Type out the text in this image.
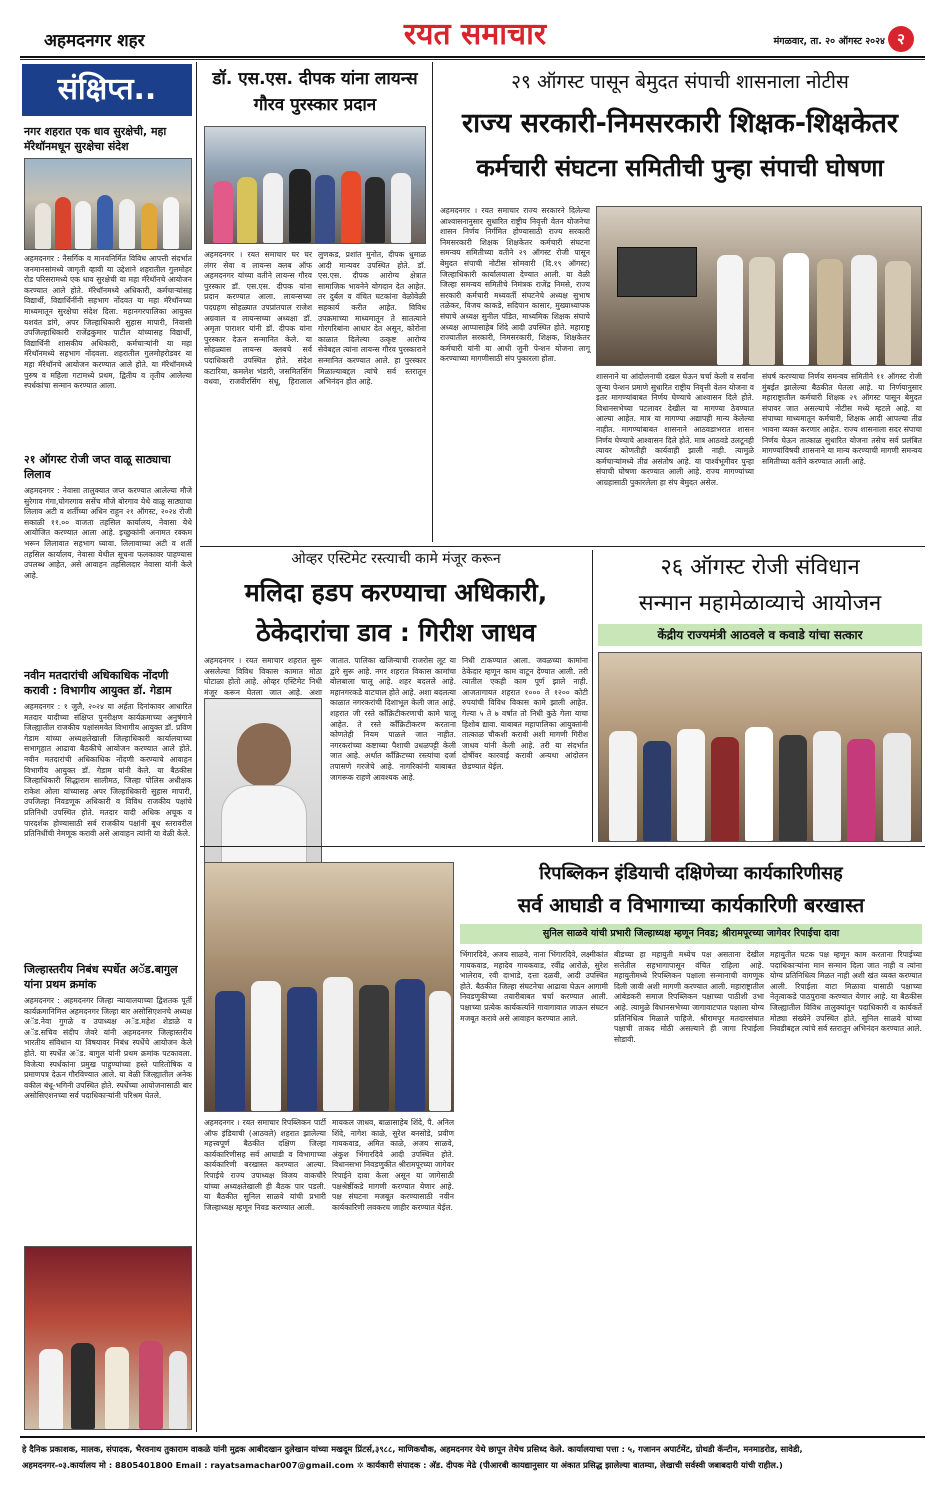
अहमदनगर शहर	रयत समाचार	मंगळवार, ता. २० ऑगस्ट २०२४ २
संक्षिप्त..
नगर शहरात एक धाव सुरक्षेची, महा मॅरेथॉनमधून सुरक्षेचा संदेश
अहमदनगर : नैसर्गिक व मानवनिर्मित विविध आपत्ती संदर्भात जनमानसांमध्ये जागृती व्हावी या उद्देशाने शहरातील गुलमोहर रोड परिसरामध्ये एक धाव सुरक्षेची या महा मॅरेथॉनचे आयोजन करण्यात आले होते. मॅरेथॉनमध्ये अधिकारी, कर्मचाऱ्यांसह विद्यार्थी, विद्यार्थिनींनी सहभाग नोंदवत या महा मॅरेथॉनच्या माध्यमातून सुरक्षेचा संदेश दिला. महानगरपालिका आयुक्त यशवंत डांगे, अपर जिल्हाधिकारी सुहास मापारी, निवासी उपजिल्हाधिकारी राजेंद्रकुमार पाटील यांच्यासह विद्यार्थी, विद्यार्थिनी शासकीय अधिकारी, कर्मचाऱ्यांनी या महा मॅरेथॉनमध्ये सहभाग नोंदवला. शहरातील गुलमोहरोडवर या महा मॅरेथॉनचे आयोजन करण्यात आले होते. या मॅरेथॉनमध्ये पुरुष व महिला गटामध्ये प्रथम, द्वितीय व तृतीय आलेल्या स्पर्धकांचा सन्मान करण्यात आला.
२१ ऑगस्ट रोजी जप्त वाळू साठ्याचा लिलाव
अहमदनगर : नेवासा तालुक्यात जप्त करण्यात आलेल्या मौजे सुरेगाव गंगा,घोगरगाव ससेंच मौजे बोरगाव येथे वाळू साठ्याचा लिलाव अटी व शर्तीच्या अधिन राहून २१ ऑगस्ट, २०२४ रोजी सकाळी ११.०० वाजता तहसिल कार्यालय, नेवासा येथे आयोजित करण्यात आला आहे. इच्छुकांनी अनामत रक्कम भरून लिलावात सहभाग घ्यावा. लिलावाच्या अटी व शर्ती तहसिल कार्यालय, नेवासा येथील सूचना फलकावर पाहण्यास उपलब्ध आहेत, असे आवाहन तहसिलदार नेवासा यांनी केले आहे.
नवीन मतदारांची अधिकाधिक नोंदणी करावी : विभागीय आयुक्त डॉ. गेडाम
अहमदनगर : १ जुलै, २०२४ या अर्हता दिनांकावर आधारित मतदार यादीच्या संक्षिप्त पुनरीक्षण कार्यक्रमाच्या अनुषंगाने जिल्ह्यातील राजकीय पक्षांसमवेत विभागीय आयुक्त डॉ. प्रविण गेडाम यांच्या अध्यक्षतेखाली जिल्हाधिकारी कार्यालयाच्या सभागृहात आढावा बैठकीचे आयोजन करण्यात आले होते. नवीन मतदारांची अधिकाधिक नोंदणी करण्याचे आवाहन विभागीय आयुक्त डॉ. गेडाम यांनी केले. या बैठकीस जिल्हाधिकारी सिद्धाराम सालीमठ, जिल्हा पोलिस अधीक्षक राकेश ओला यांच्यासह अपर जिल्हाधिकारी सुहास मापारी, उपजिल्हा निवडणूक अधिकारी व विविध राजकीय पक्षांचे प्रतिनिधी उपस्थित होते. मतदार यादी अधिक अचूक व पारदर्शक होण्यासाठी सर्व राजकीय पक्षांनी बूथ स्तरावरील प्रतिनिधींची नेमणूक करावी असे आवाहन त्यांनी या वेळी केले.
जिल्हास्तरीय निबंध स्पर्धेत अॅड.बागुल यांना प्रथम क्रमांक
अहमदनगर : अहमदनगर जिल्हा न्यायालयाच्या द्विशतक पूर्ती कार्यक्रमानिमित्त अहमदनगर जिल्हा बार असोसिएशनचे अध्यक्ष अॅड.नेवा गुगळे व उपाध्यक्ष अॅड.महेश शेडाळे व अॅड.सचिव संदीप जेवरे यांनी अहमदनगर जिल्हास्तरीय भारतीय संविधान या विषयावर निबंध स्पर्धेचे आयोजन केले होते. या स्पर्धेत अॅड. बागुल यांनी प्रथम क्रमांक पटकावला. विजेत्या स्पर्धकांना प्रमुख पाहुण्यांच्या हस्ते पारितोषिक व प्रमाणपत्र देऊन गौरविण्यात आले. या वेळी जिल्ह्यातील अनेक वकील बंधू-भगिनी उपस्थित होते. स्पर्धेच्या आयोजनासाठी बार असोसिएशनच्या सर्व पदाधिकाऱ्यांनी परिश्रम घेतले.
डॉ. एस.एस. दीपक यांना लायन्स गौरव पुरस्कार प्रदान
अहमदनगर । रयत समाचार घर घर लंगर सेवा व लायन्स क्लब ऑफ अहमदनगर यांच्या वतीने लायन्स गौरव पुरस्कार डॉ. एस.एस. दीपक यांना प्रदान करण्यात आला. लायन्सच्या पदग्रहण सोहळ्यात उपप्रांतपाल राजेश अग्रवाल व लायन्सच्या अध्यक्षा डॉ. अमृता पाराशर यांनी डॉ. दीपक यांना पुरस्कार देऊन सन्मानित केले. या सोहळ्यास लायन्स क्लबचे सर्व पदाधिकारी उपस्थित होते. संदेश कटारिया, कमलेश भंडारी, जसमितसिंग वधवा, राजवीरसिंग संधू, हिरालाल लुणकड, प्रशांत मुनोत, दीपक धुमाळ आदी मान्यवर उपस्थित होते. डॉ. एस.एस. दीपक आरोग्य क्षेत्रात सामाजिक भावनेने योगदान देत आहेत. तर दुर्बल व वंचित घटकांना वेळोवेळी सहकार्य करीत आहेत. विविध उपक्रमाच्या माध्यमातून ते सातत्याने गोरगरिबांना आधार देत असून, कोरोना काळात दिलेल्या उत्कृष्ट आरोग्य सेवेबद्दल त्यांना लायन्स गौरव पुरस्काराने सन्मानित करण्यात आले. हा पुरस्कार मिळाल्याबद्दल त्यांचे सर्व स्तरातून अभिनंदन होत आहे.
२९ ऑगस्ट पासून बेमुदत संपाची शासनाला नोटीस
राज्य सरकारी-निमसरकारी शिक्षक-शिक्षकेतर
कर्मचारी संघटना समितीची पुन्हा संपाची घोषणा
अहमदनगर । रयत समाचार राज्य सरकारने दिलेल्या आश्वासनानुसार सुधारित राष्ट्रीय निवृत्ती वेतन योजनेचा शासन निर्णय निर्गमित होण्यासाठी राज्य सरकारी निमसरकारी शिक्षक शिक्षकेतर कर्मचारी संघटना समन्वय समितीच्या वतीने २९ ऑगस्ट रोजी पासून बेमुदत संपाची नोटीस सोमवारी (दि.१९ ऑगस्ट) जिल्हाधिकारी कार्यालयाला देण्यात आली. या वेळी जिल्हा समन्वय समितीचे निमंत्रक राजेंद्र निमसे, राज्य सरकारी कर्मचारी मध्यवर्ती संघटनेचे अध्यक्ष सुभाष तळेकर, विजय काकडे, सदिपान कासार, मुख्याध्यापक संघाचे अध्यक्ष सुनील पंडित, माध्यमिक शिक्षक संघाचे अध्यक्ष आप्पासाहेब शिंदे आदी उपस्थित होते. महाराष्ट्र राज्यातील सरकारी, निमसरकारी, शिक्षक, शिक्षकेतर कर्मचारी यांनी या आधी जुनी पेन्शन योजना लागू करण्याच्या मागणीसाठी संप पुकारला होता.
शासनाने या आंदोलनाची दखल घेऊन चर्चा केली व सर्वांना जुन्या पेन्शन प्रमाणे सुधारित राष्ट्रीय निवृत्ती वेतन योजना व इतर मागण्यांबाबत निर्णय घेण्याचे आश्वासन दिले होते. विधानसभेच्या पटलावर देखील या मागण्या ठेवण्यात आल्या आहेत. मात्र या मागण्या अद्यापही मान्य केलेल्या नाहीत. मागण्यांबाबत शासनाने आठवडाभरात शासन निर्णय घेण्याचे आश्वासन दिले होते. मात्र आठवडे उलटूनही त्यावर कोणतीही कार्यवाही झाली नाही. त्यामुळे कर्मचाऱ्यांमध्ये तीव्र असंतोष आहे. या पार्श्वभूमीवर पुन्हा संपाची घोषणा करण्यात आली आहे. राज्य मागण्यांच्या आग्रहासाठी पुकारलेला हा संप बेमुदत असेल.
संघर्ष करण्याचा निर्णय समन्वय समितीने ११ ऑगस्ट रोजी मुंबईत झालेल्या बैठकीत घेतला आहे. या निर्णयानुसार महाराष्ट्रातील कर्मचारी शिक्षक २९ ऑगस्ट पासून बेमुदत संपावर जात असल्याचे नोटीस मध्ये म्हटले आहे. या संपाच्या माध्यमातून कर्मचारी, शिक्षक आदी आपल्या तीव्र भावना व्यक्त करणार आहेत. राज्य शासनाला सदर संपाचा निर्णय घेऊन तात्काळ सुधारित योजना तसेच सर्व प्रलंबित मागण्यांविषयी शासनाने या मान्य करण्याची मागणी समन्वय समितीच्या वतीने करण्यात आली आहे.
ओव्हर एस्टिमेट रस्त्याची कामे मंजूर करून
मलिदा हडप करण्याचा अधिकारी,
ठेकेदारांचा डाव : गिरीश जाधव
अहमदनगर । रयत समाचार शहरात सुरू असलेल्या विविध विकास कामात मोठा घोटाळा होतो आहे. ओव्हर एस्टिमेट निधी मंजूर करून घेतला जात आहे. अशा
जातात. पालिका खजिन्याची राजरोस लूट या द्वारे सुरू आहे. नगर शहरात विकास कामांचा बोलबाला चालू आहे. शहर बदलले आहे. महानगरकडे वाटचाल होते आहे. अशा बदलत्या काळात नगरकरांची दिशाभूल केली जात आहे. शहरात जी रस्ते काँक्रिटीकरणाची कामे चालू आहेत. ते रस्ते काँक्रिटीकरण करताना कोणतेही नियम पाळले जात नाहीत. नगरकरांच्या कष्टाच्या पैशाची उधळपट्टी केली जात आहे. अर्थात काँक्रिटच्या रस्त्यांचा दर्जा तपासणे गरजेचे आहे. नागरिकांनी याबाबत जागरूक राहणे आवश्यक आहे.
निधी टाकण्यात आला. जवळच्या कामांना ठेकेदार म्हणून काम वाटून देण्यात आली. तरी त्यातील एकही काम पूर्ण झाले नाही. आजतागायत शहरात १००० ते १२०० कोटी रुपयांची विविध विकास कामे झाली आहेत. गेल्या ५ ते ७ वर्षात तो निधी कुठे गेला याचा हिशोब द्यावा. याबाबत महापालिका आयुक्तांनी तात्काळ चौकशी करावी अशी मागणी गिरीश जाधव यांनी केली आहे. तरी या संदर्भात दोषींवर कारवाई करावी अन्यथा आंदोलन छेडण्यात येईल.
२६ ऑगस्ट रोजी संविधान
सन्मान महामेळाव्याचे आयोजन
केंद्रीय राज्यमंत्री आठवले व कवाडे यांचा सत्कार
रिपब्लिकन इंडियाची दक्षिणेच्या कार्यकारिणीसह
सर्व आघाडी व विभागाच्या कार्यकारिणी बरखास्त
सुनिल साळवे यांची प्रभारी जिल्हाध्यक्ष म्हणून निवड; श्रीरामपूरच्या जागेवर रिपाईचा दावा
अहमदनगर । रयत समाचार रिपब्लिकन पार्टी ऑफ इंडियाची (आठवले) शहरात झालेल्या महत्त्वपूर्ण बैठकीत दक्षिण जिल्हा कार्यकारिणीसह सर्व आघाडी व विभागाच्या कार्यकारिणी बरखास्त करण्यात आल्या. रिपाईचे राज्य उपाध्यक्ष विजय वाकचौरे यांच्या अध्यक्षतेखाली ही बैठक पार पडली. या बैठकीत सुनिल साळवे यांची प्रभारी जिल्हाध्यक्ष म्हणून निवड करण्यात आली.
मायकल जाधव, बाळासाहेब शिंदे, पै. अनिल शिंदे, नागेश काळे, सुरेश बनसोडे, प्रवीण गायकवाड, अमित काळे, अजय साळवे, अंकुश भिंगारदिवे आदी उपस्थित होते. विधानसभा निवडणुकीत श्रीरामपूरच्या जागेवर रिपाईने दावा केला असून या जागेसाठी पक्षश्रेष्ठींकडे मागणी करण्यात येणार आहे. पक्ष संघटना मजबूत करण्यासाठी नवीन कार्यकारिणी लवकरच जाहीर करण्यात येईल.
भिंगारदिवे, अजय साळवे, नाना भिंगारदिवे, लक्ष्मीकांत गायकवाड, महादेव गायकवाड, रवींद्र आरोळे, सुरेश भालेराव, रवी दाभाडे, दत्ता दळवी, आदी उपस्थित होते. बैठकीत जिल्हा संघटनेचा आढावा घेऊन आगामी निवडणुकीच्या तयारीबाबत चर्चा करण्यात आली. पक्षाच्या प्रत्येक कार्यकर्त्याने गावागावात जाऊन संघटन मजबूत करावे असे आवाहन करण्यात आले.
बीडच्या हा महायुती मध्येच पक्ष असताना देखील सत्तेतील सहभागापासून वंचित राहिला आहे. महायुतीमध्ये रिपब्लिकन पक्षाला सन्मानाची वागणूक दिली जावी अशी मागणी करण्यात आली. महाराष्ट्रातील आंबेडकरी समाज रिपब्लिकन पक्षाच्या पाठीशी उभा आहे. त्यामुळे विधानसभेच्या जागावाटपात पक्षाला योग्य प्रतिनिधित्व मिळाले पाहिजे. श्रीरामपूर मतदारसंघात पक्षाची ताकद मोठी असल्याने ही जागा रिपाईला सोडावी.
महायुतीत घटक पक्ष म्हणून काम करताना रिपाईच्या पदाधिकाऱ्यांना मान सन्मान दिला जात नाही व त्यांना योग्य प्रतिनिधित्व मिळत नाही अशी खंत व्यक्त करण्यात आली. रिपाईला वाटा मिळावा यासाठी पक्षाच्या नेतृत्वाकडे पाठपुरावा करण्यात येणार आहे. या बैठकीस जिल्ह्यातील विविध तालुक्यांतून पदाधिकारी व कार्यकर्ते मोठ्या संख्येने उपस्थित होते. सुनिल साळवे यांच्या निवडीबद्दल त्यांचे सर्व स्तरातून अभिनंदन करण्यात आले.
हे दैनिक प्रकाशक, मालक, संपादक, भैरवनाथ तुकाराम वाकळे यांनी मुद्रक आबीदखान दुलेखान यांच्या मखदूम प्रिंटर्स,३९८८, माणिकचौक, अहमदनगर येथे छापून तेथेच प्रसिध्द केले. कार्यालयाचा पत्ता : ५, गजानन अपार्टमेंट, ग्रोथडी कॅन्टीन, मनमाडरोड, सावेडी,
अहमदनगर-०३.कार्यालय मो : 8805401800 Email : rayatsamachar007@gmail.com ✲ कार्यकारी संपादक : अ‍ॅड. दीपक मेढे (पीआरबी कायद्यानुसार या अंकात प्रसिद्ध झालेल्या बातम्या, लेखाची सर्वस्वी जबाबदारी यांची राहील.)
